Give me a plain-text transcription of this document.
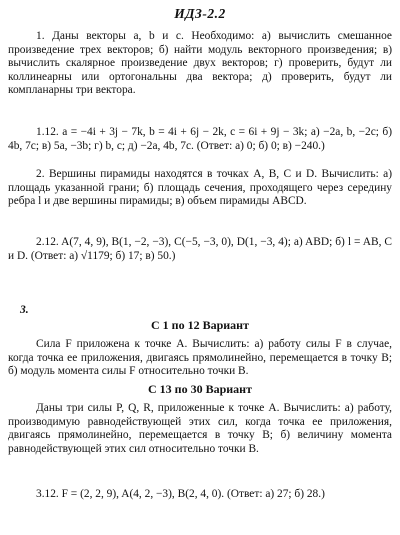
ИДЗ-2.2
1. Даны векторы a, b и c. Необходимо: а) вычислить смешанное произведение трех векторов; б) найти модуль векторного произведения; в) вычислить скалярное произведение двух векторов; г) проверить, будут ли коллинеарны или ортогональны два вектора; д) проверить, будут ли компланарны три вектора.
1.12. a = −4i + 3j − 7k, b = 4i + 6j − 2k, c = 6i + 9j − 3k; а) −2a, b, −2c; б) 4b, 7c; в) 5a, −3b; г) b, c; д) −2a, 4b, 7c. (Ответ: а) 0; б) 0; в) −240.)
2. Вершины пирамиды находятся в точках A, B, C и D. Вычислить: а) площадь указанной грани; б) площадь сечения, проходящего через середину ребра l и две вершины пирамиды; в) объем пирамиды ABCD.
2.12. A(7, 4, 9), B(1, −2, −3), C(−5, −3, 0), D(1, −3, 4); а) ABD; б) l = AB, C и D. (Ответ: а) √1179; б) 17; в) 50.)
3.
С 1 по 12 Вариант
Сила F приложена к точке A. Вычислить: а) работу силы F в случае, когда точка ее приложения, двигаясь прямолинейно, перемещается в точку B; б) модуль момента силы F относительно точки B.
С 13 по 30 Вариант
Даны три силы P, Q, R, приложенные к точке A. Вычислить: а) работу, производимую равнодействующей этих сил, когда точка ее приложения, двигаясь прямолинейно, перемещается в точку B; б) величину момента равнодействующей этих сил относительно точки B.
3.12. F = (2, 2, 9), A(4, 2, −3), B(2, 4, 0). (Ответ: а) 27; б) 28.)
